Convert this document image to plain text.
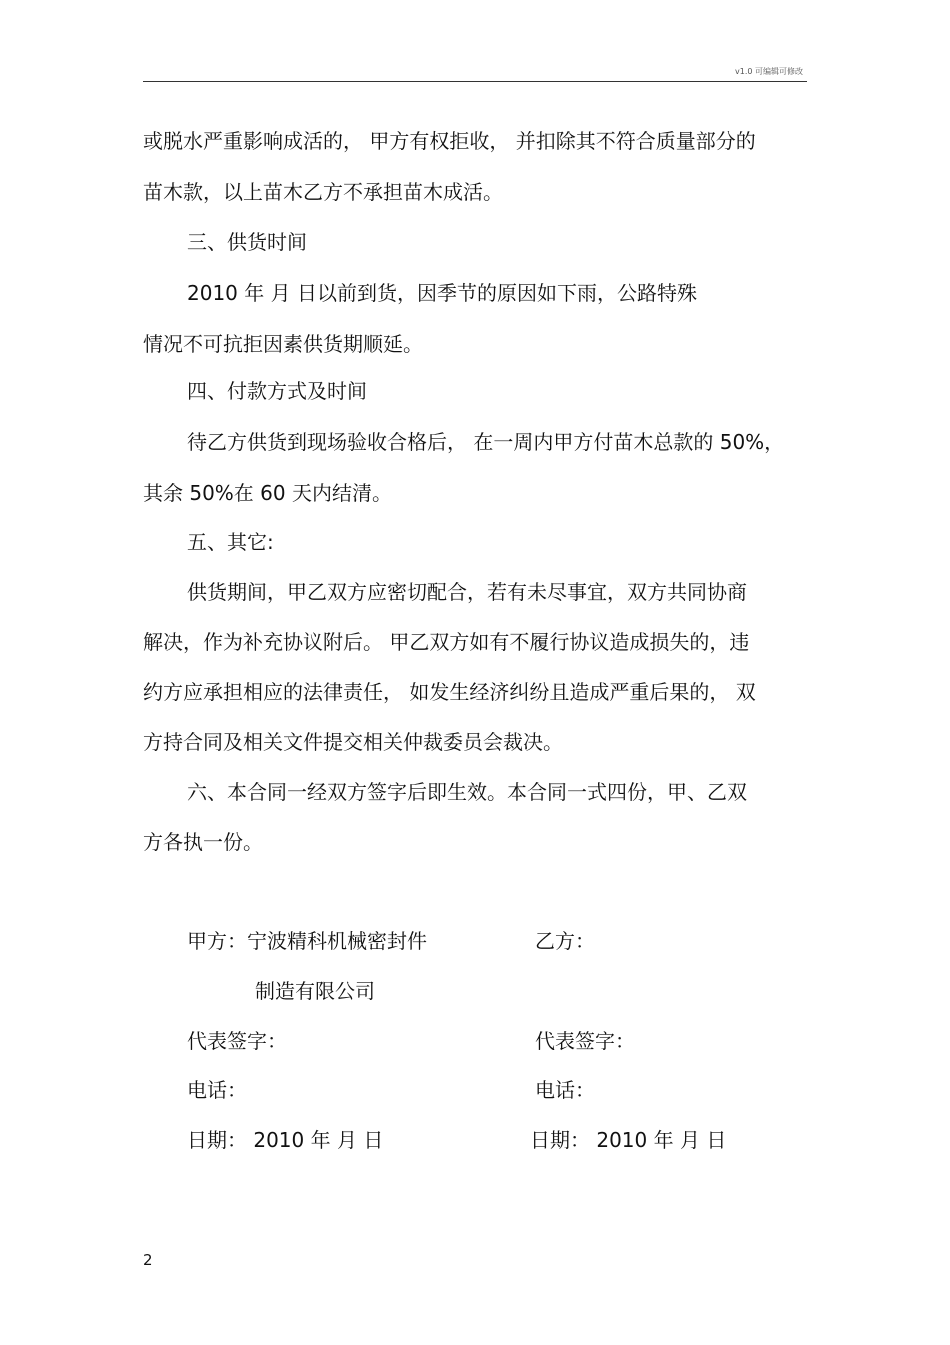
v1.0 可编辑可修改
或脱水严重影响成活的， 甲方有权拒收， 并扣除其不符合质量部分的
苗木款，以上苗木乙方不承担苗木成活。
三、供货时间
2010 年 月 日以前到货，因季节的原因如下雨，公路特殊
情况不可抗拒因素供货期顺延。
四、付款方式及时间
待乙方供货到现场验收合格后， 在一周内甲方付苗木总款的 50%，
其余 50%在 60 天内结清。
五、其它:
供货期间，甲乙双方应密切配合，若有未尽事宜，双方共同协商
解决，作为补充协议附后。 甲乙双方如有不履行协议造成损失的，违
约方应承担相应的法律责任， 如发生经济纠纷且造成严重后果的， 双
方持合同及相关文件提交相关仲裁委员会裁决。
六、本合同一经双方签字后即生效。本合同一式四份，甲、乙双
方各执一份。
甲方：宁波精科机械密封件	乙方：
制造有限公司
代表签字：	代表签字：
电话：	电话：
日期： 2010 年 月 日	日期： 2010 年 月 日
2
